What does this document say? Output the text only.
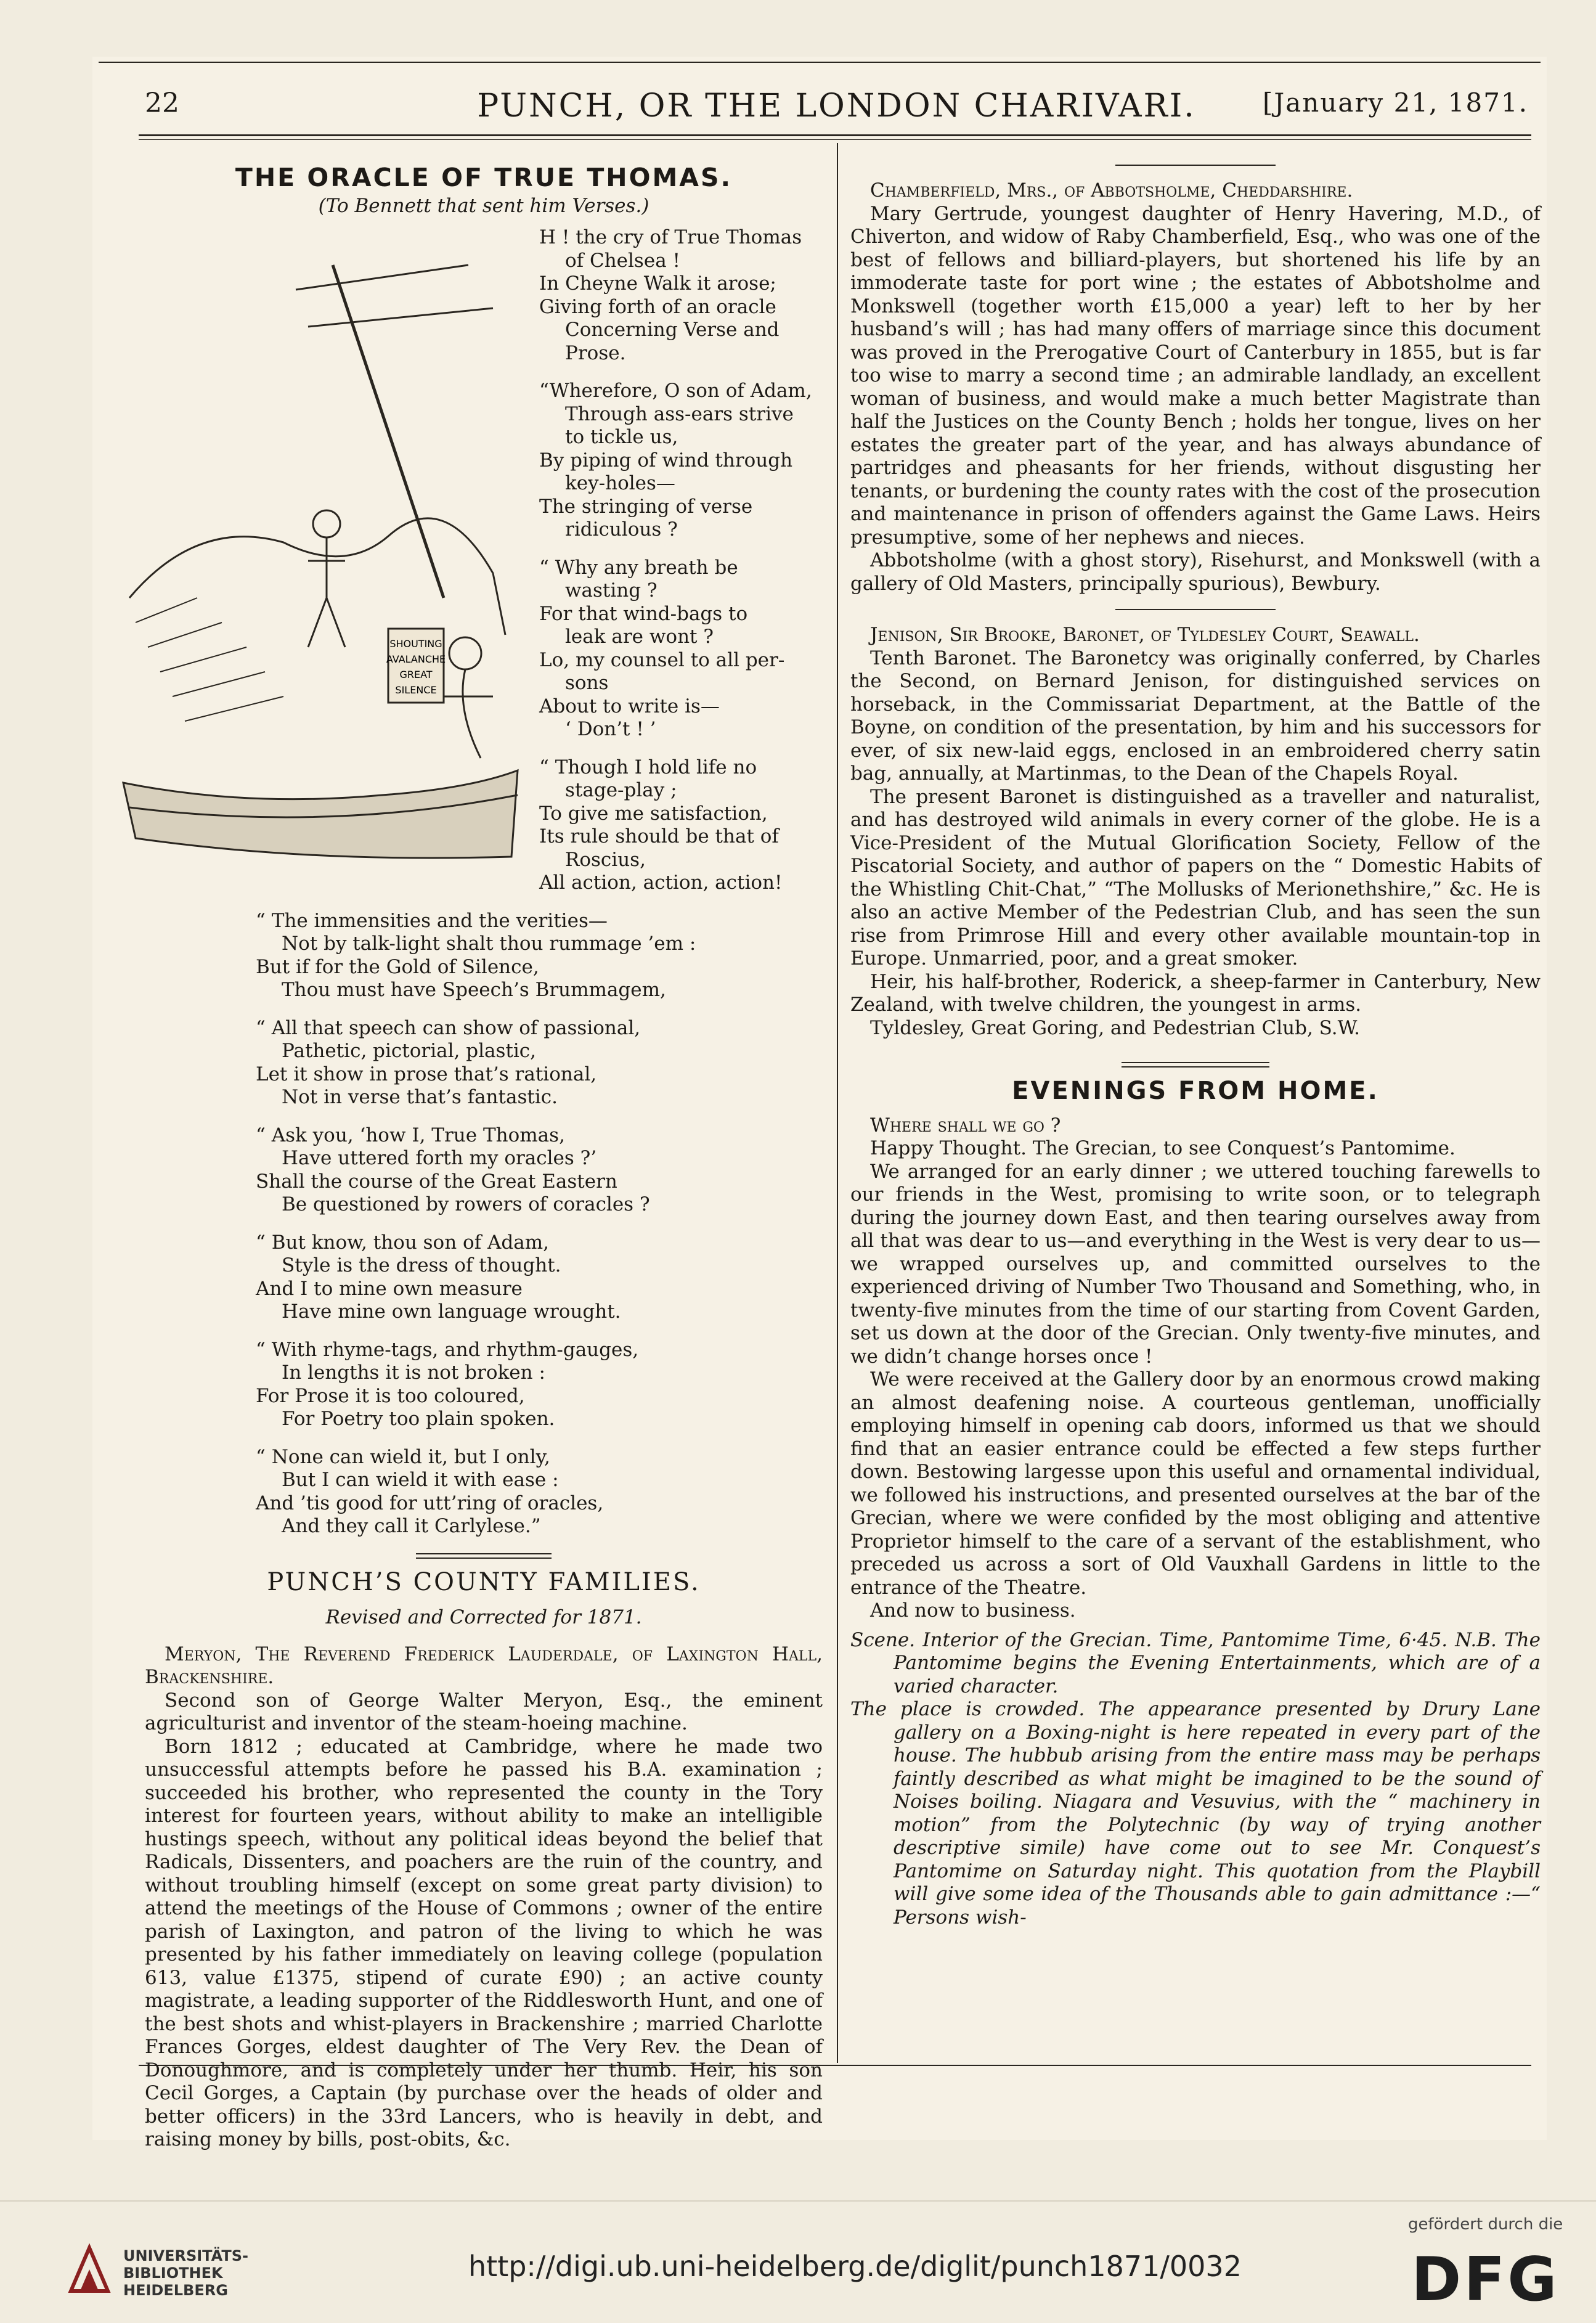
22	PUNCH, OR THE LONDON CHARIVARI.	[January 21, 1871.
THE ORACLE OF TRUE THOMAS.
(To Bennett that sent him Verses.)
H ! the cry of True Thomas
of Chelsea !
In Cheyne Walk it arose;
Giving forth of an oracle
Concerning Verse and
Prose.
“Wherefore, O son of Adam,
Through ass-ears strive
to tickle us,
By piping of wind through
key-holes—
The stringing of verse
ridiculous ?
“ Why any breath be
wasting ?
For that wind-bags to
leak are wont ?
Lo, my counsel to all per-
sons
About to write is—
‘ Don’t ! ’
“ Though I hold life no
stage-play ;
To give me satisfaction,
Its rule should be that of
Roscius,
All action, action, action!
“ The immensities and the verities—
Not by talk-light shalt thou rummage ’em :
But if for the Gold of Silence,
Thou must have Speech’s Brummagem,
“ All that speech can show of passional,
Pathetic, pictorial, plastic,
Let it show in prose that’s rational,
Not in verse that’s fantastic.
“ Ask you, ‘how I, True Thomas,
Have uttered forth my oracles ?’
Shall the course of the Great Eastern
Be questioned by rowers of coracles ?
“ But know, thou son of Adam,
Style is the dress of thought.
And I to mine own measure
Have mine own language wrought.
“ With rhyme-tags, and rhythm-gauges,
In lengths it is not broken :
For Prose it is too coloured,
For Poetry too plain spoken.
“ None can wield it, but I only,
But I can wield it with ease :
And ’tis good for utt’ring of oracles,
And they call it Carlylese.”
PUNCH’S COUNTY FAMILIES.
Revised and Corrected for 1871.

Meryon, The Reverend Frederick Lauderdale, of Laxington Hall, Brackenshire.

Second son of George Walter Meryon, Esq., the eminent agriculturist and inventor of the steam-hoeing machine.

Born 1812 ; educated at Cambridge, where he made two unsuccessful attempts before he passed his B.A. examination ; succeeded his brother, who represented the county in the Tory interest for fourteen years, without ability to make an intelligible hustings speech, without any political ideas beyond the belief that Radicals, Dissenters, and poachers are the ruin of the country, and without troubling himself (except on some great party division) to attend the meetings of the House of Commons ; owner of the entire parish of Laxington, and patron of the living to which he was presented by his father immediately on leaving college (population 613, value £1375, stipend of curate £90) ; an active county magistrate, a leading supporter of the Riddlesworth Hunt, and one of the best shots and whist-players in Brackenshire ; married Charlotte Frances Gorges, eldest daughter of The Very Rev. the Dean of Donoughmore, and is completely under her thumb. Heir, his son Cecil Gorges, a Captain (by purchase over the heads of older and better officers) in the 33rd Lancers, who is heavily in debt, and raising money by bills, post-obits, &c.

SHOUTING
AVALANCHE
GREAT
SILENCE

Chamberfield, Mrs., of Abbotsholme, Cheddarshire.

Mary Gertrude, youngest daughter of Henry Havering, M.D., of Chiverton, and widow of Raby Chamberfield, Esq., who was one of the best of fellows and billiard-players, but shortened his life by an immoderate taste for port wine ; the estates of Abbotsholme and Monkswell (together worth £15,000 a year) left to her by her husband’s will ; has had many offers of marriage since this document was proved in the Prerogative Court of Canterbury in 1855, but is far too wise to marry a second time ; an admirable landlady, an excellent woman of business, and would make a much better Magistrate than half the Justices on the County Bench ; holds her tongue, lives on her estates the greater part of the year, and has always abundance of partridges and pheasants for her friends, without disgusting her tenants, or burdening the county rates with the cost of the prosecution and maintenance in prison of offenders against the Game Laws. Heirs presumptive, some of her nephews and nieces.

Abbotsholme (with a ghost story), Risehurst, and Monkswell (with a gallery of Old Masters, principally spurious), Bewbury.

Jenison, Sir Brooke, Baronet, of Tyldesley Court, Seawall.

Tenth Baronet. The Baronetcy was originally conferred, by Charles the Second, on Bernard Jenison, for distinguished services on horseback, in the Commissariat Department, at the Battle of the Boyne, on condition of the presentation, by him and his successors for ever, of six new-laid eggs, enclosed in an embroidered cherry satin bag, annually, at Martinmas, to the Dean of the Chapels Royal.

The present Baronet is distinguished as a traveller and naturalist, and has destroyed wild animals in every corner of the globe. He is a Vice-President of the Mutual Glorification Society, Fellow of the Piscatorial Society, and author of papers on the “ Domestic Habits of the Whistling Chit-Chat,” “The Mollusks of Merionethshire,” &c. He is also an active Member of the Pedestrian Club, and has seen the sun rise from Primrose Hill and every other available mountain-top in Europe. Unmarried, poor, and a great smoker.

Heir, his half-brother, Roderick, a sheep-farmer in Canterbury, New Zealand, with twelve children, the youngest in arms.

Tyldesley, Great Goring, and Pedestrian Club, S.W.

EVENINGS FROM HOME.

Where shall we go ?

Happy Thought. The Grecian, to see Conquest’s Pantomime.

We arranged for an early dinner ; we uttered touching farewells to our friends in the West, promising to write soon, or to telegraph during the journey down East, and then tearing ourselves away from all that was dear to us—and everything in the West is very dear to us—we wrapped ourselves up, and committed ourselves to the experienced driving of Number Two Thousand and Something, who, in twenty-five minutes from the time of our starting from Covent Garden, set us down at the door of the Grecian. Only twenty-five minutes, and we didn’t change horses once !

We were received at the Gallery door by an enormous crowd making an almost deafening noise. A courteous gentleman, unofficially employing himself in opening cab doors, informed us that we should find that an easier entrance could be effected a few steps further down. Bestowing largesse upon this useful and ornamental individual, we followed his instructions, and presented ourselves at the bar of the Grecian, where we were confided by the most obliging and attentive Proprietor himself to the care of a servant of the establishment, who preceded us across a sort of Old Vauxhall Gardens in little to the entrance of the Theatre.

And now to business.

Scene. Interior of the Grecian. Time, Pantomime Time, 6·45. N.B. The Pantomime begins the Evening Entertainments, which are of a varied character.

The place is crowded. The appearance presented by Drury Lane gallery on a Boxing-night is here repeated in every part of the house. The hubbub arising from the entire mass may be perhaps faintly described as what might be imagined to be the sound of Noises boiling. Niagara and Vesuvius, with the “ machinery in motion” from the Polytechnic (by way of trying another descriptive simile) have come out to see Mr. Conquest’s Pantomime on Saturday night. This quotation from the Playbill will give some idea of the Thousands able to gain admittance :—“ Persons wish-

UNIVERSITÄTS-
BIBLIOTHEK
HEIDELBERG
http://digi.ub.uni-heidelberg.de/diglit/punch1871/0032
gefördert durch die
DFG
